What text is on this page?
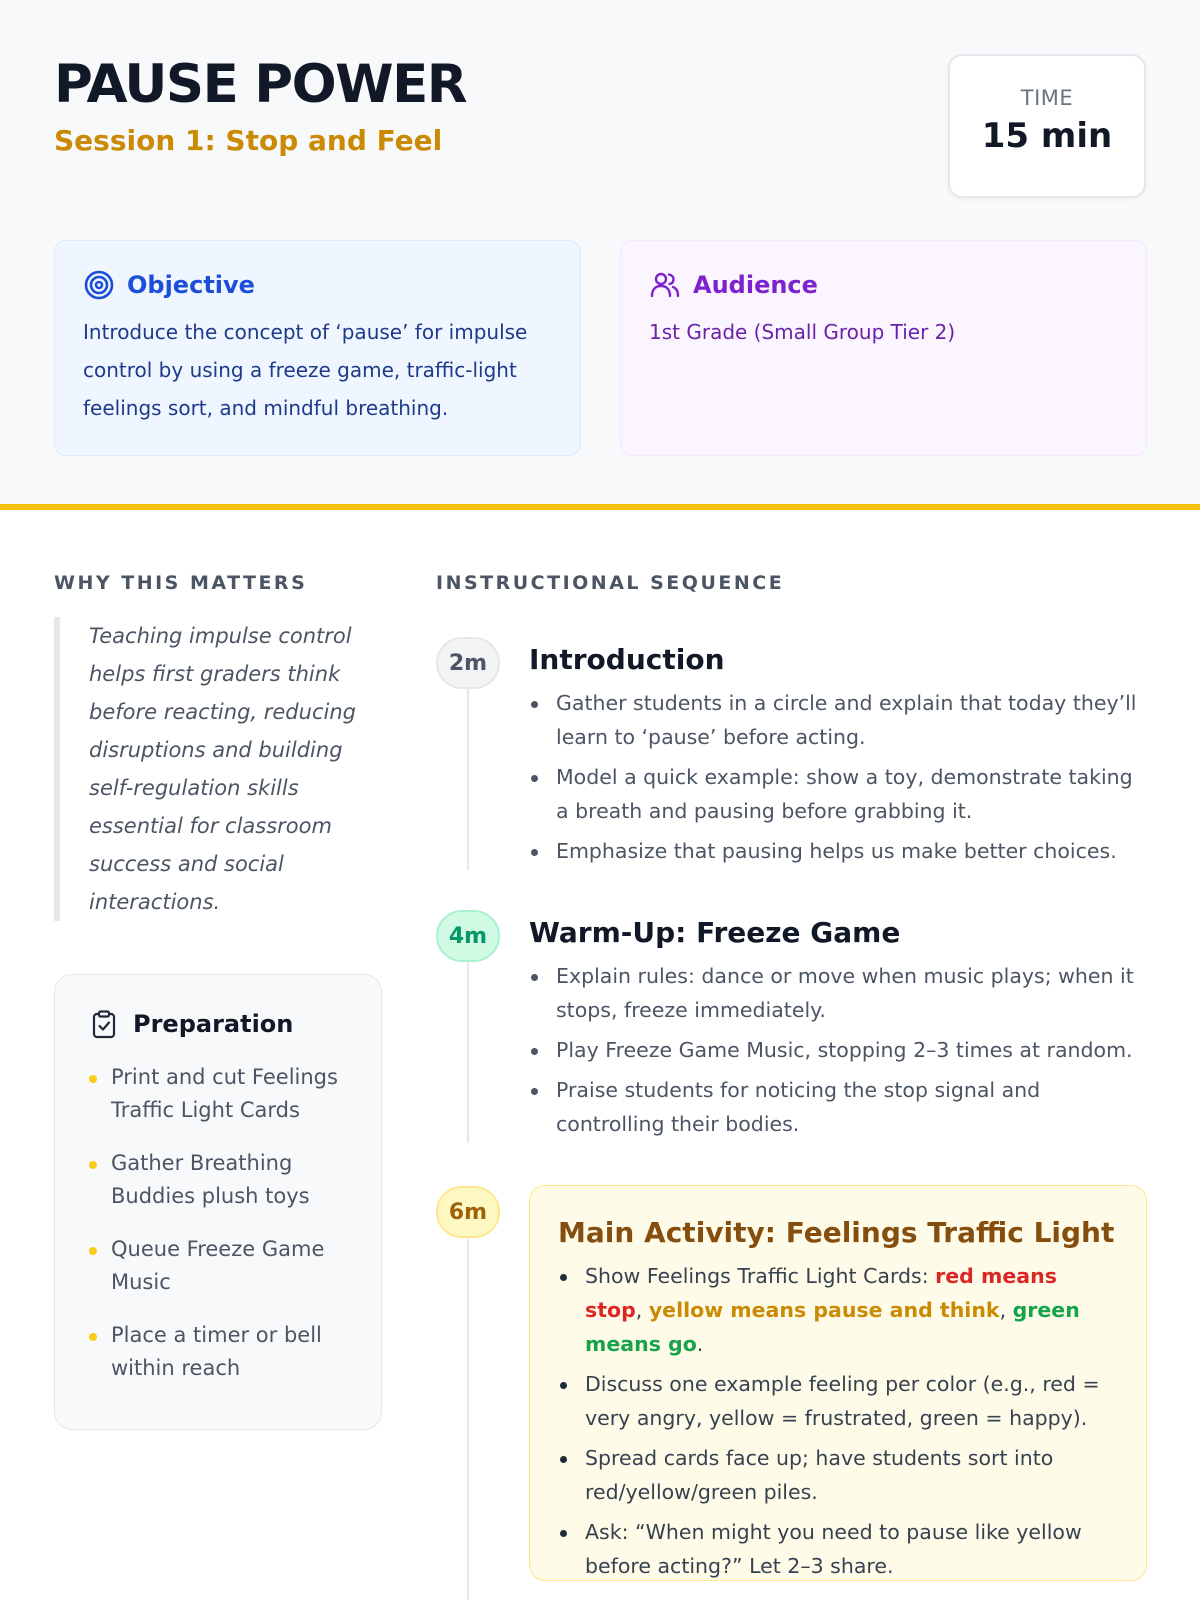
PAUSE POWER
Session 1: Stop and Feel
TIME
15 min
Objective
Introduce the concept of ‘pause’ for impulse control by using a freeze game, traffic-light feelings sort, and mindful breathing.
Audience
1st Grade (Small Group Tier 2)
WHY THIS MATTERS
Teaching impulse control helps first graders think before reacting, reducing disruptions and building self-regulation skills essential for classroom success and social interactions.
Preparation
Print and cut Feelings Traffic Light Cards
Gather Breathing Buddies plush toys
Queue Freeze Game Music
Place a timer or bell within reach
INSTRUCTIONAL SEQUENCE
2m	Introduction
Gather students in a circle and explain that today they’ll learn to ‘pause’ before acting.
Model a quick example: show a toy, demonstrate taking a breath and pausing before grabbing it.
Emphasize that pausing helps us make better choices.
4m	Warm-Up: Freeze Game
Explain rules: dance or move when music plays; when it stops, freeze immediately.
Play Freeze Game Music, stopping 2–3 times at random.
Praise students for noticing the stop signal and controlling their bodies.
6m
Main Activity: Feelings Traffic Light
Show Feelings Traffic Light Cards: red means stop, yellow means pause and think, green means go.
Discuss one example feeling per color (e.g., red = very angry, yellow = frustrated, green = happy).
Spread cards face up; have students sort into red/yellow/green piles.
Ask: “When might you need to pause like yellow before acting?” Let 2–3 share.
